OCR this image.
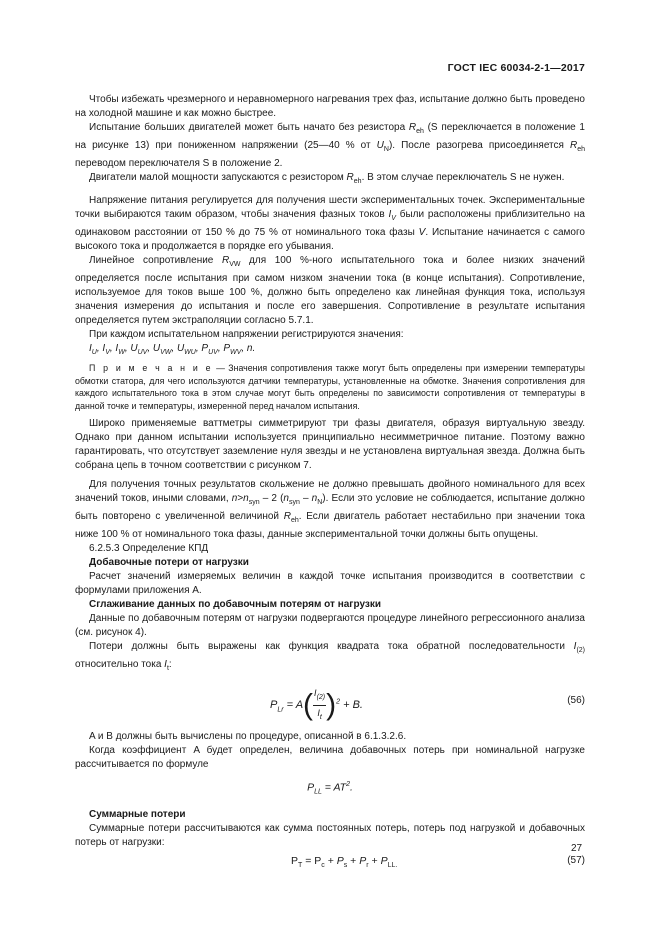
ГОСТ IEC 60034-2-1—2017

Чтобы избежать чрезмерного и неравномерного нагревания трех фаз, испытание должно быть проведено на холодной машине и как можно быстрее.

Испытание больших двигателей может быть начато без резистора $R_{eh}$ (S переключается в положение 1 на рисунке 13) при пониженном напряжении (25—40 % от $U_N$). После разогрева присоединяется $R_{eh}$ переводом переключателя S в положение 2.

Двигатели малой мощности запускаются с резистором $R_{eh}$. В этом случае переключатель S не нужен.

Напряжение питания регулируется для получения шести экспериментальных точек. Экспериментальные точки выбираются таким образом, чтобы значения фазных токов $I_V$ были расположены приблизительно на одинаковом расстоянии от 150 % до 75 % от номинального тока фазы V. Испытание начинается с самого высокого тока и продолжается в порядке его убывания.

Линейное сопротивление $R_{VW}$ для 100 %-ного испытательного тока и более низких значений определяется после испытания при самом низком значении тока (в конце испытания). Сопротивление, используемое для токов выше 100 %, должно быть определено как линейная функция тока, используя значения измерения до испытания и после его завершения. Сопротивление в результате испытания определяется путем экстраполяции согласно 5.7.1.

При каждом испытательном напряжении регистрируются значения:

$I_U$, $I_V$, $I_W$, $U_{UV}$, $U_{VW}$, $U_{WU}$, $P_{UV}$, $P_{WV}$, n.

П р и м е ч а н и е — Значения сопротивления также могут быть определены при измерении температуры обмотки статора, для чего используются датчики температуры, установленные на обмотке. Значения сопротивления для каждого испытательного тока в этом случае могут быть определены по зависимости сопротивления от температуры в данной точке и температуры, измеренной перед началом испытания.

Широко применяемые ваттметры симметрируют три фазы двигателя, образуя виртуальную звезду. Однако при данном испытании используется принципиально несимметричное питание. Поэтому важно гарантировать, что отсутствует заземление нуля звезды и не установлена виртуальная звезда. Должна быть собрана цепь в точном соответствии с рисунком 7.

Для получения точных результатов скольжение не должно превышать двойного номинального для всех значений токов, иными словами, $n>n_{syn} - 2$ $(n_{syn} - n_N)$. Если это условие не соблюдается, испытание должно быть повторено с увеличенной величиной $R_{eh}$. Если двигатель работает нестабильно при значении тока ниже 100 % от номинального тока фазы, данные экспериментальной точки должны быть опущены.

6.2.5.3 Определение КПД

Добавочные потери от нагрузки

Расчет значений измеряемых величин в каждой точке испытания производится в соответствии с формулами приложения А.

Сглаживание данных по добавочным потерям от нагрузки

Данные по добавочным потерям от нагрузки подвергаются процедуре линейного регрессионного анализа (см. рисунок 4).

Потери должны быть выражены как функция квадрата тока обратной последовательности $I_{(2)}$ относительно тока $I_t$:

$P_{Lr} = A( \frac{I_{(2)}}{I_t} )^2 + B$.	(56)

A и B должны быть вычислены по процедуре, описанной в 6.1.3.2.6.

Когда коэффициент A будет определен, величина добавочных потерь при номинальной нагрузке рассчитывается по формуле

$P_{LL} = AT^2$.

Суммарные потери

Суммарные потери рассчитываются как сумма постоянных потерь, потерь под нагрузкой и добавочных потерь от нагрузки:

$P_T = P_c + P_s + P_r + P_{LL.}$	(57)
27
